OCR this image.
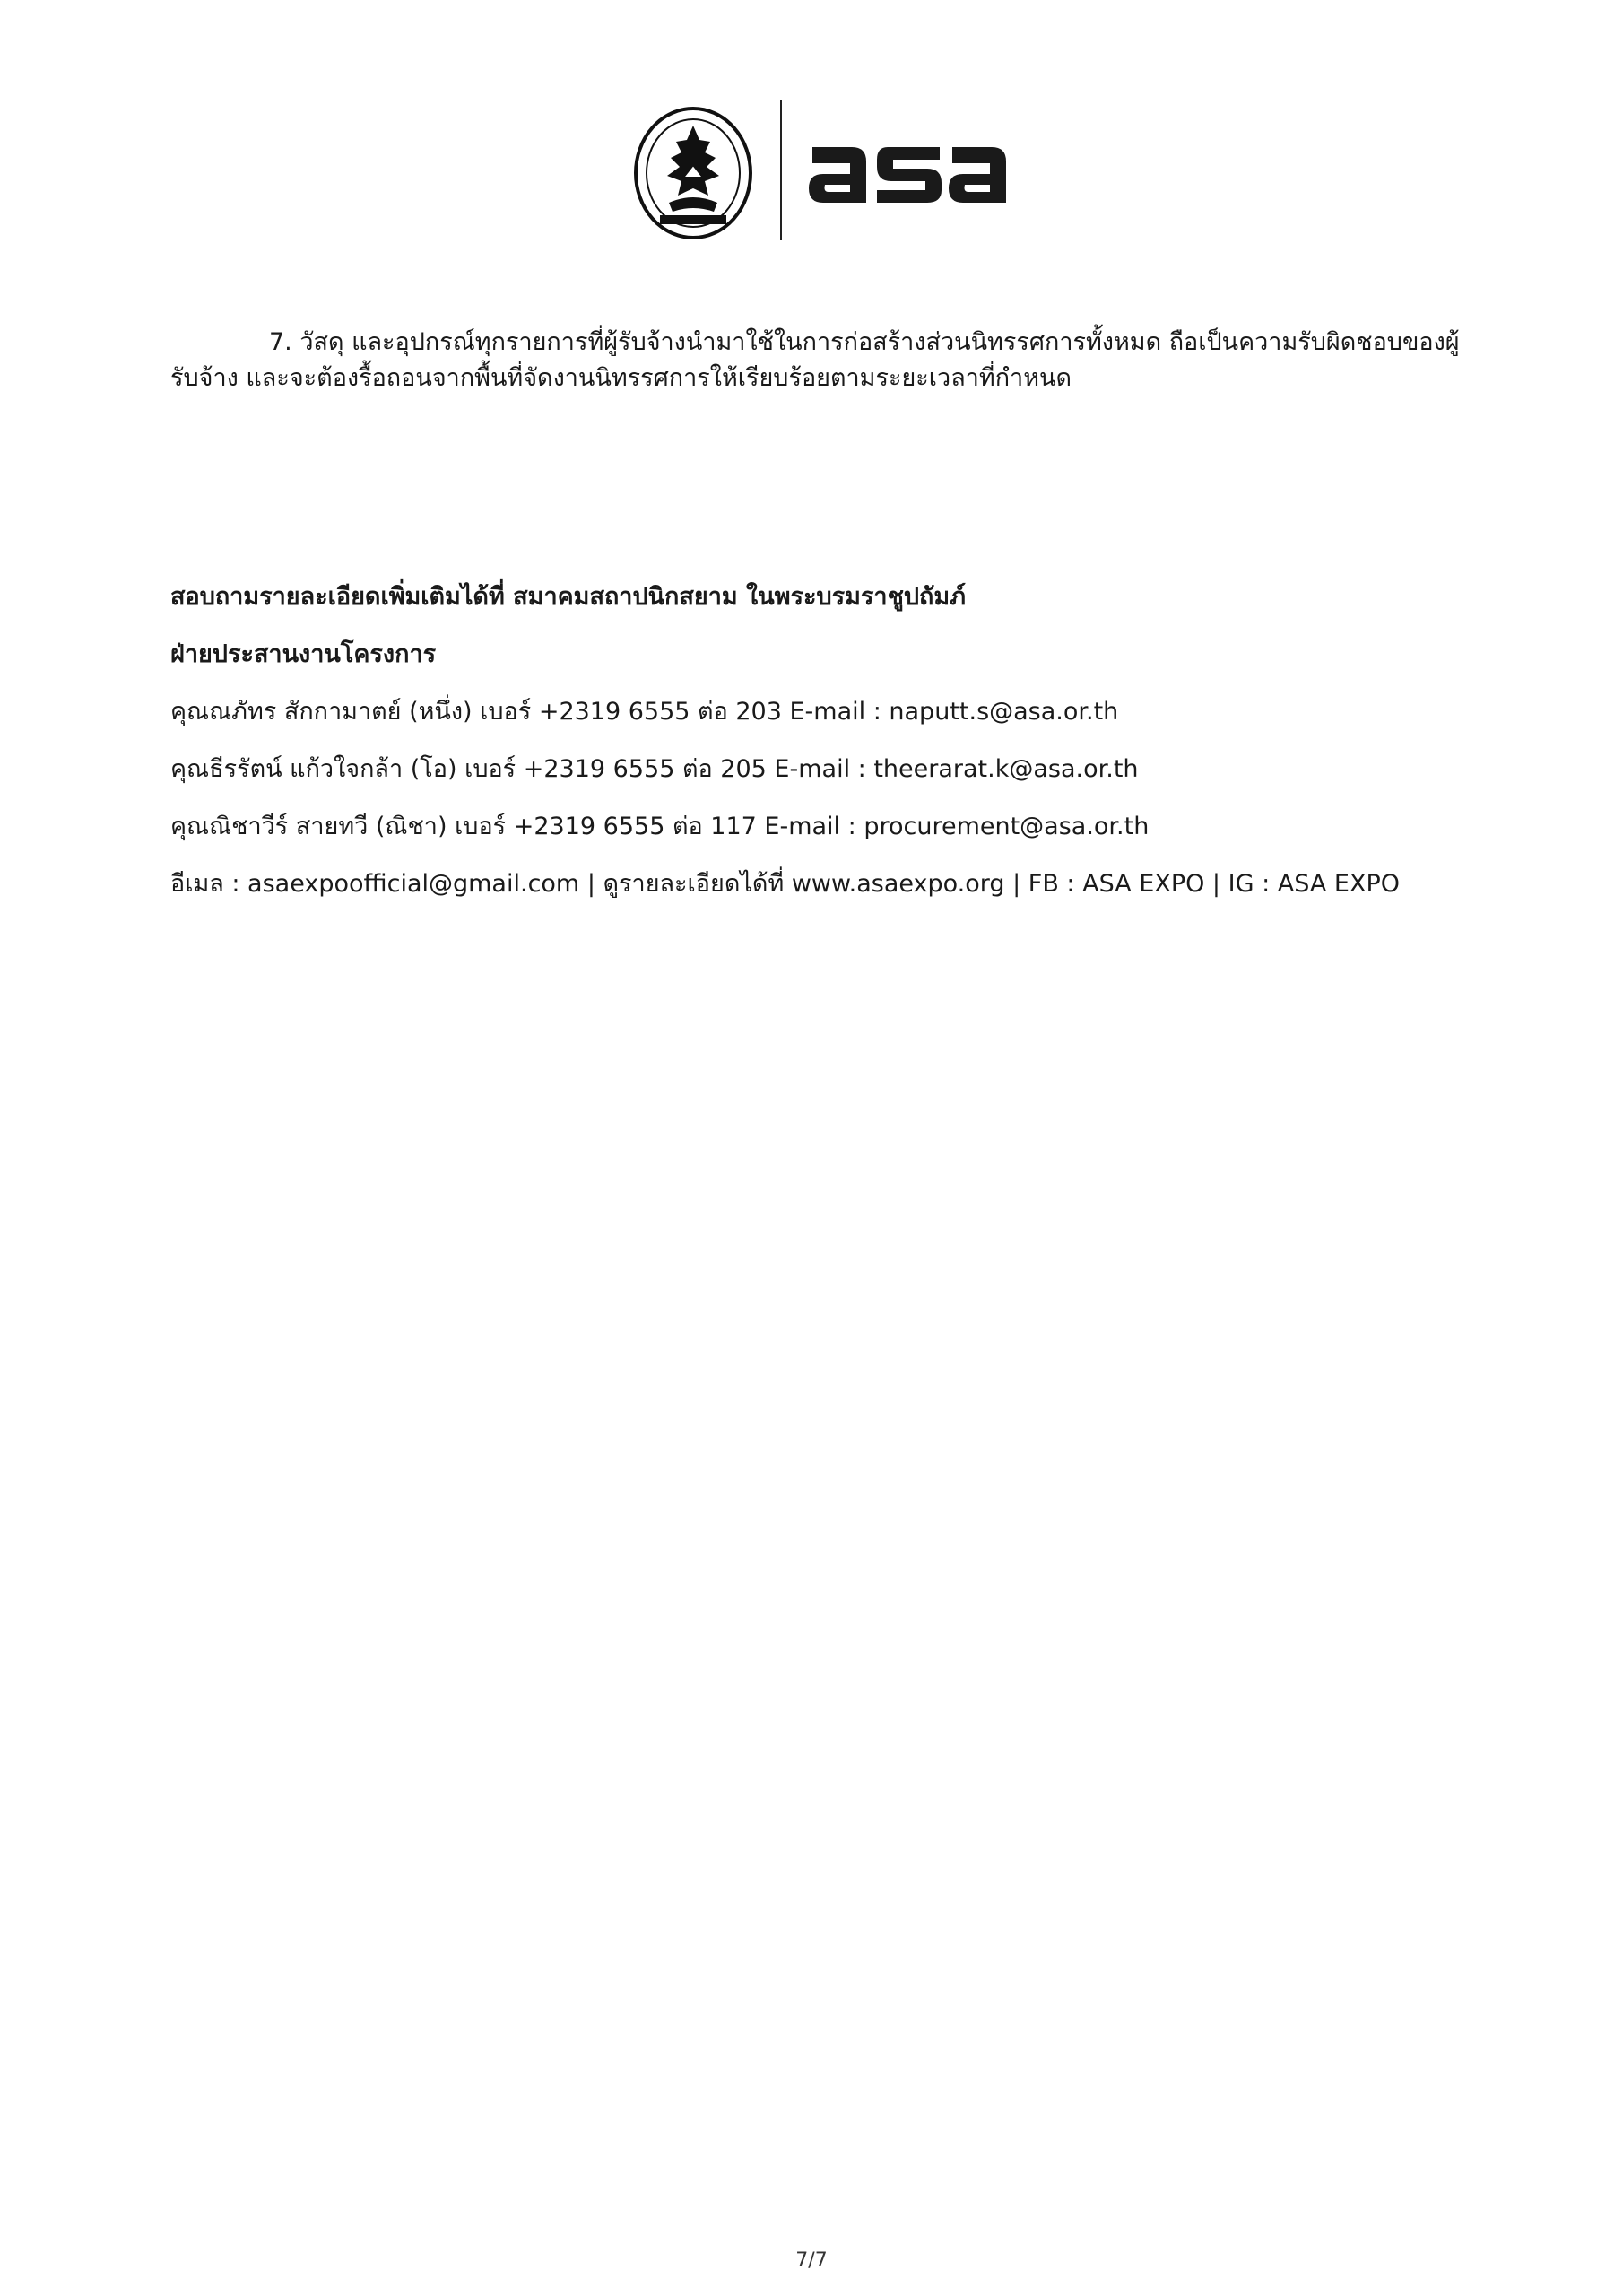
7. วัสดุ และอุปกรณ์ทุกรายการที่ผู้รับจ้างนำมาใช้ในการก่อสร้างส่วนนิทรรศการทั้งหมด ถือเป็นความรับผิดชอบของผู้
รับจ้าง และจะต้องรื้อถอนจากพื้นที่จัดงานนิทรรศการให้เรียบร้อยตามระยะเวลาที่กำหนด
สอบถามรายละเอียดเพิ่มเติมได้ที่ สมาคมสถาปนิกสยาม ในพระบรมราชูปถัมภ์
ฝ่ายประสานงานโครงการ
คุณณภัทร สักกามาตย์ (หนึ่ง) เบอร์ +2319 6555 ต่อ 203 E-mail : naputt.s@asa.or.th
คุณธีรรัตน์ แก้วใจกล้า (โอ) เบอร์ +2319 6555 ต่อ 205 E-mail : theerarat.k@asa.or.th
คุณณิชาวีร์ สายทวี (ณิชา) เบอร์ +2319 6555 ต่อ 117 E-mail : procurement@asa.or.th
อีเมล : asaexpoofficial@gmail.com | ดูรายละเอียดได้ที่ www.asaexpo.org | FB : ASA EXPO | IG : ASA EXPO
7/7
